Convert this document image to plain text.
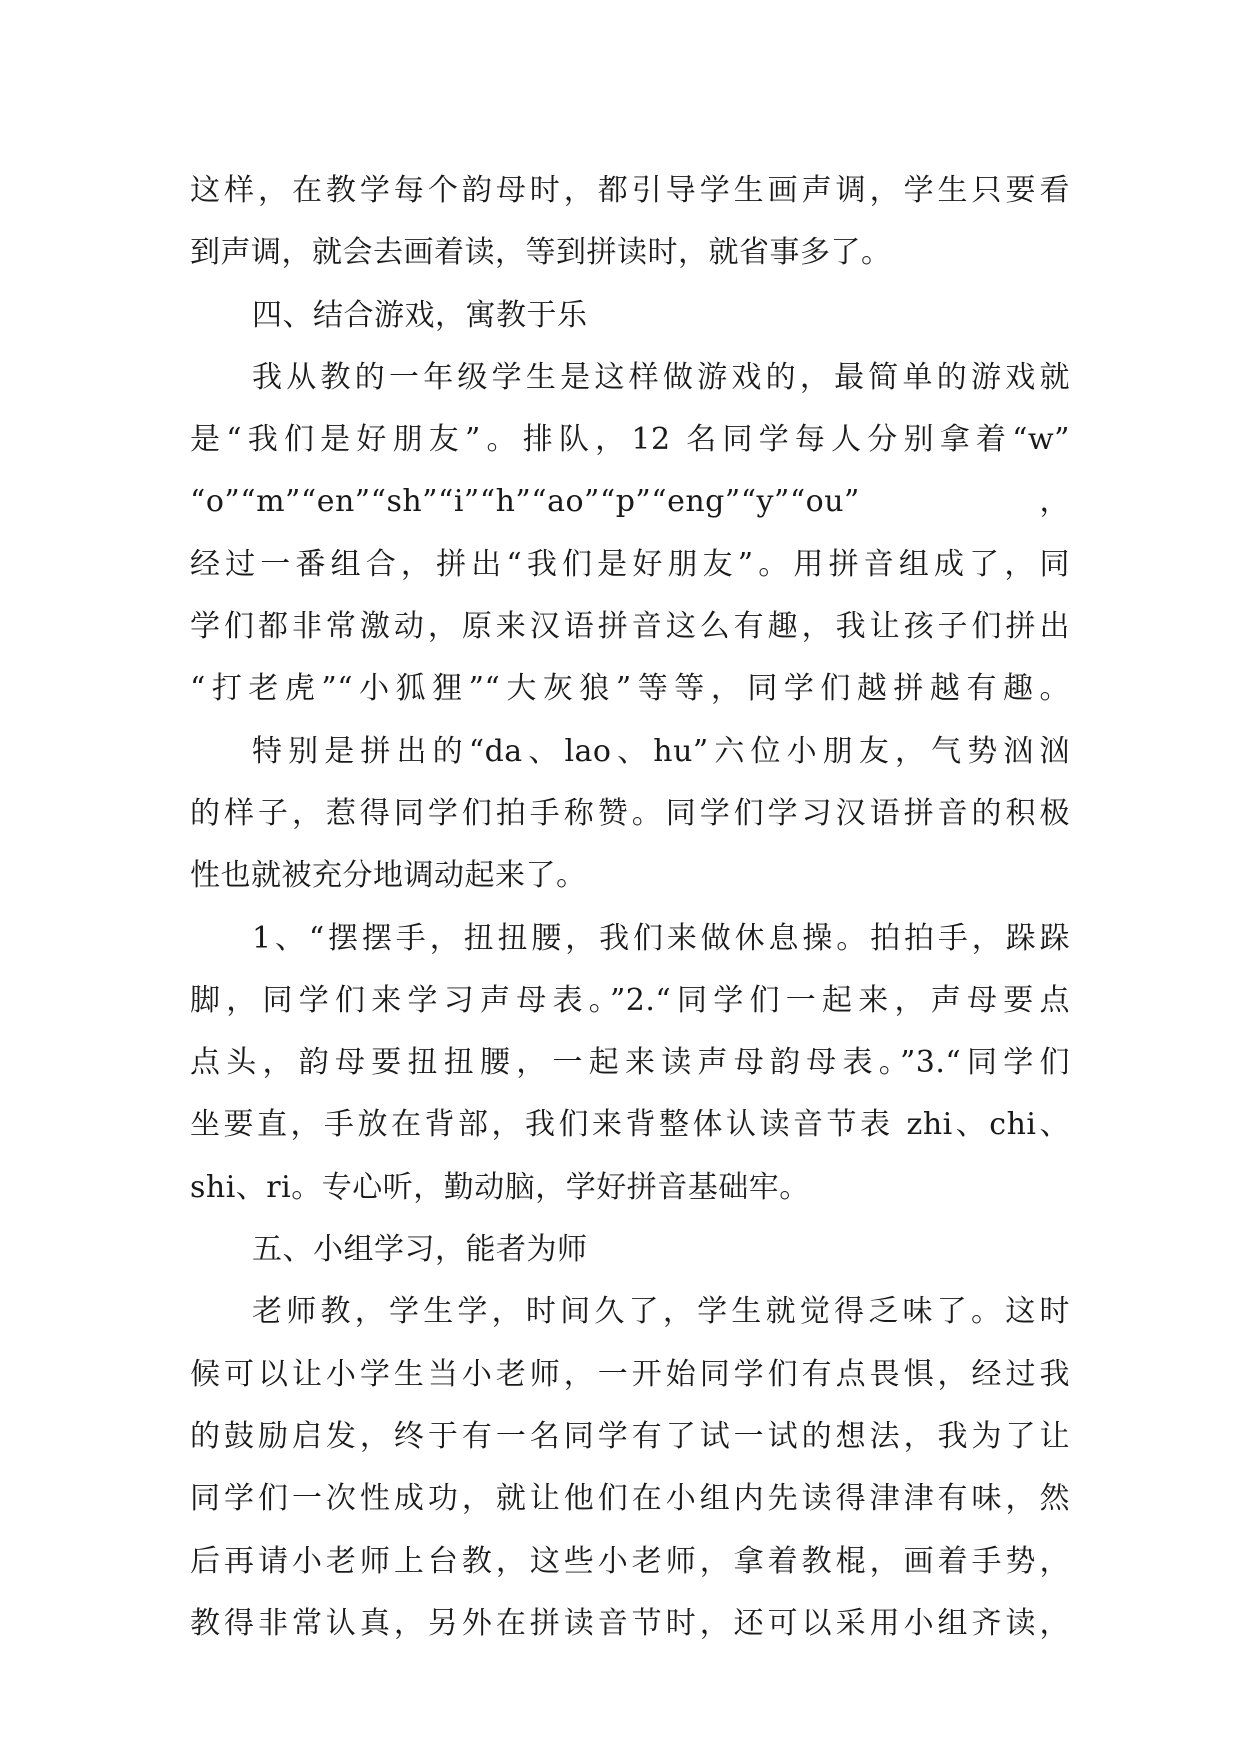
这样，在教学每个韵母时，都引导学生画声调，学生只要看
到声调，就会去画着读，等到拼读时，就省事多了。
四、结合游戏，寓教于乐
我从教的一年级学生是这样做游戏的，最简单的游戏就
是“我们是好朋友”。排队，12 名同学每人分别拿着“w”
“o”“m”“en”“sh”“i”“h”“ao”“p”“eng”“y”“ou”，
经过一番组合，拼出“我们是好朋友”。用拼音组成了，同
学们都非常激动，原来汉语拼音这么有趣，我让孩子们拼出
“打老虎”“小狐狸”“大灰狼”等等，同学们越拼越有趣。
特别是拼出的“da、lao、hu”六位小朋友，气势汹汹
的样子，惹得同学们拍手称赞。同学们学习汉语拼音的积极
性也就被充分地调动起来了。
1、“摆摆手，扭扭腰，我们来做休息操。拍拍手，跺跺
脚，同学们来学习声母表。”2.“同学们一起来，声母要点
点头，韵母要扭扭腰，一起来读声母韵母表。”3.“同学们
坐要直，手放在背部，我们来背整体认读音节表 zhi、chi、
shi、ri。专心听，勤动脑，学好拼音基础牢。
五、小组学习，能者为师
老师教，学生学，时间久了，学生就觉得乏味了。这时
候可以让小学生当小老师，一开始同学们有点畏惧，经过我
的鼓励启发，终于有一名同学有了试一试的想法，我为了让
同学们一次性成功，就让他们在小组内先读得津津有味，然
后再请小老师上台教，这些小老师，拿着教棍，画着手势，
教得非常认真，另外在拼读音节时，还可以采用小组齐读，
